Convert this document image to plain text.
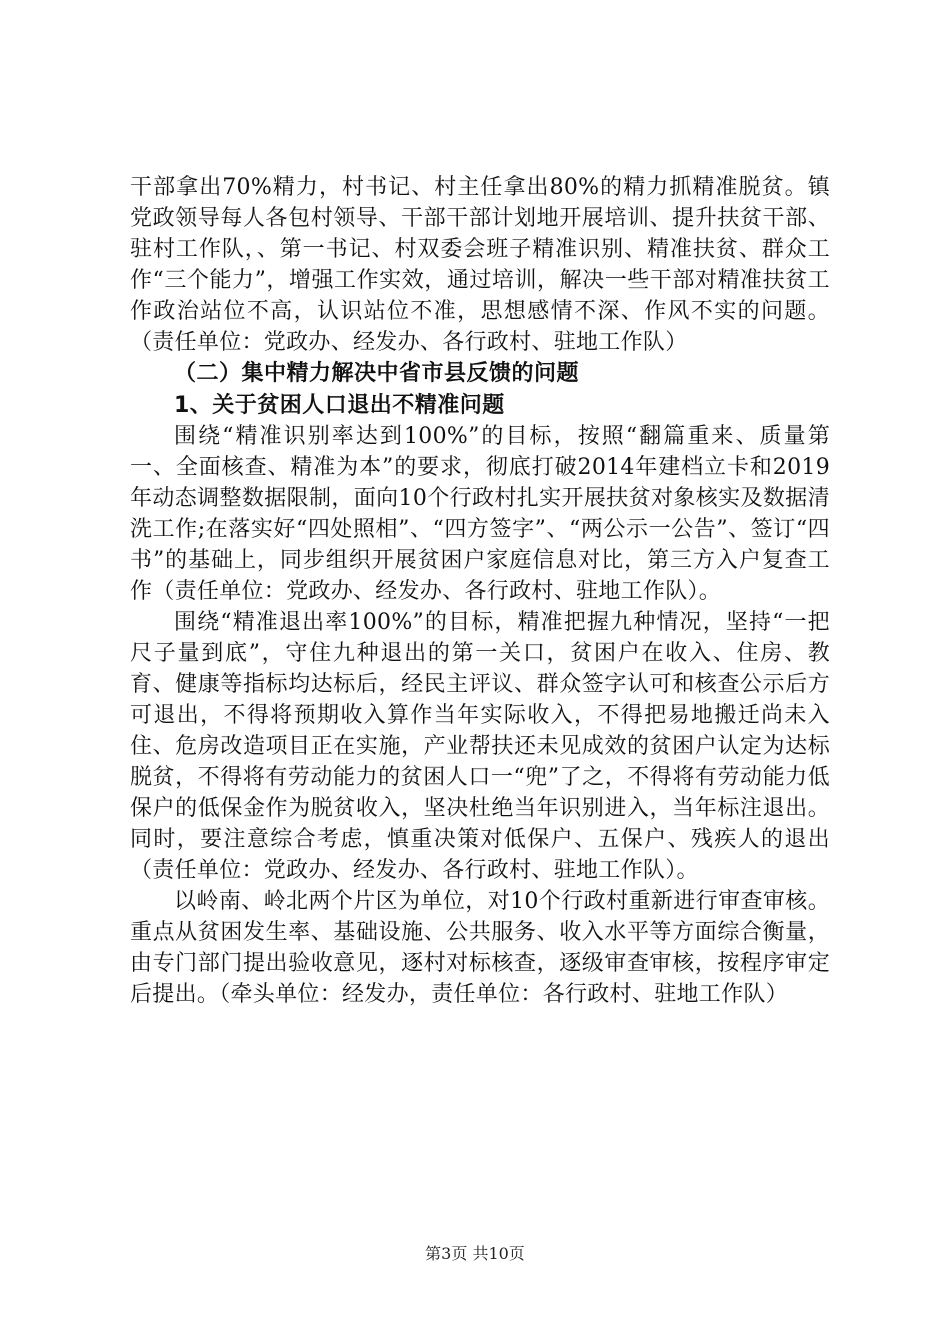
干部拿出70%精力，村书记、村主任拿出80%的精力抓精准脱贫。镇党政领导每人各包村领导、干部干部计划地开展培训、提升扶贫干部、驻村工作队，、第一书记、村双委会班子精准识别、精准扶贫、群众工作“三个能力”，增强工作实效，通过培训，解决一些干部对精准扶贫工作政治站位不高，认识站位不准，思想感情不深、作风不实的问题。（责任单位：党政办、经发办、各行政村、驻地工作队）

（二）集中精力解决中省市县反馈的问题

1、关于贫困人口退出不精准问题

围绕“精准识别率达到100%”的目标，按照“翻篇重来、质量第一、全面核查、精准为本”的要求，彻底打破2014年建档立卡和2019年动态调整数据限制，面向10个行政村扎实开展扶贫对象核实及数据清洗工作;在落实好“四处照相”、“四方签字”、“两公示一公告”、签订“四书”的基础上，同步组织开展贫困户家庭信息对比，第三方入户复查工作（责任单位：党政办、经发办、各行政村、驻地工作队）。

围绕“精准退出率100%”的目标，精准把握九种情况，坚持“一把尺子量到底”，守住九种退出的第一关口，贫困户在收入、住房、教育、健康等指标均达标后，经民主评议、群众签字认可和核查公示后方可退出，不得将预期收入算作当年实际收入，不得把易地搬迁尚未入住、危房改造项目正在实施，产业帮扶还未见成效的贫困户认定为达标脱贫，不得将有劳动能力的贫困人口一“兜”了之，不得将有劳动能力低保户的低保金作为脱贫收入，坚决杜绝当年识别进入，当年标注退出。同时，要注意综合考虑，慎重决策对低保户、五保户、残疾人的退出（责任单位：党政办、经发办、各行政村、驻地工作队）。

以岭南、岭北两个片区为单位，对10个行政村重新进行审查审核。重点从贫困发生率、基础设施、公共服务、收入水平等方面综合衡量，由专门部门提出验收意见，逐村对标核查，逐级审查审核，按程序审定后提出。（牵头单位：经发办，责任单位：各行政村、驻地工作队）

第3页 共10页
